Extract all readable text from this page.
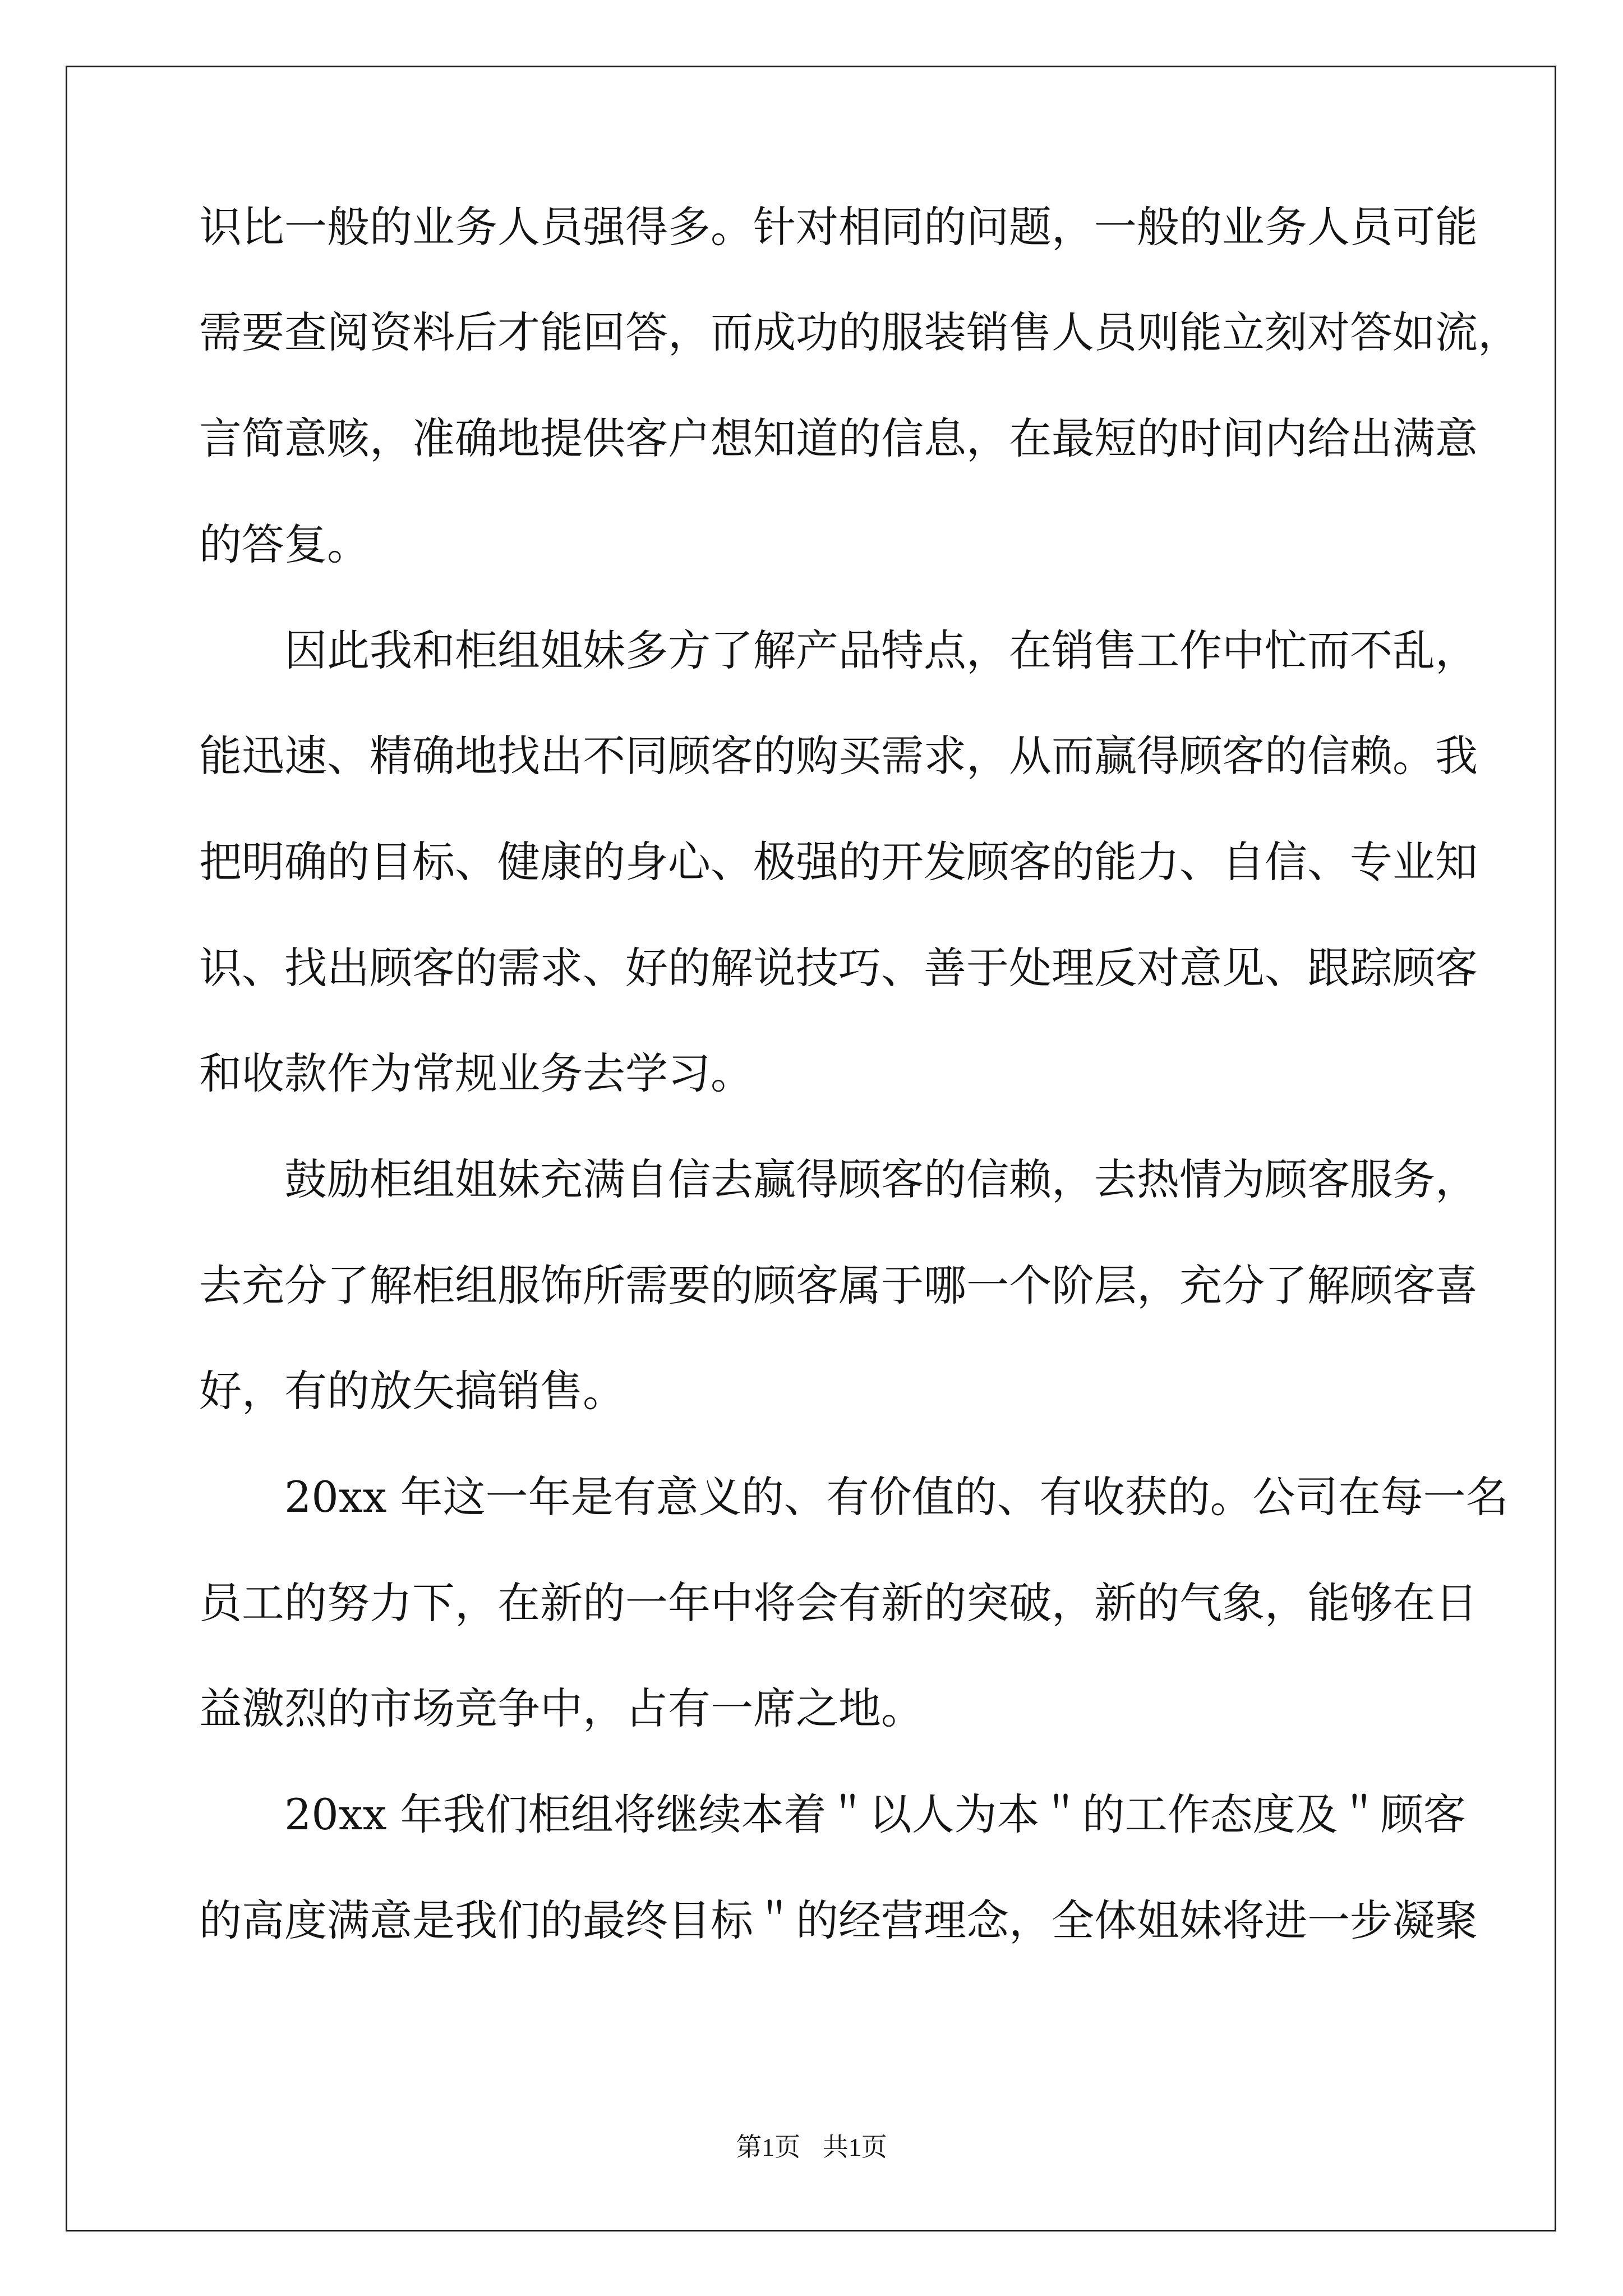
识比一般的业务人员强得多。针对相同的问题，一般的业务人员可能
需要查阅资料后才能回答，而成功的服装销售人员则能立刻对答如流，
言简意赅，准确地提供客户想知道的信息，在最短的时间内给出满意
的答复。
因此我和柜组姐妹多方了解产品特点，在销售工作中忙而不乱，
能迅速、精确地找出不同顾客的购买需求，从而赢得顾客的信赖。我
把明确的目标、健康的身心、极强的开发顾客的能力、自信、专业知
识、找出顾客的需求、好的解说技巧、善于处理反对意见、跟踪顾客
和收款作为常规业务去学习。
鼓励柜组姐妹充满自信去赢得顾客的信赖，去热情为顾客服务，
去充分了解柜组服饰所需要的顾客属于哪一个阶层，充分了解顾客喜
好，有的放矢搞销售。
20xx 年这一年是有意义的、有价值的、有收获的。公司在每一名
员工的努力下，在新的一年中将会有新的突破，新的气象，能够在日
益激烈的市场竞争中，占有一席之地。
20xx 年我们柜组将继续本着＂以人为本＂的工作态度及＂顾客
的高度满意是我们的最终目标＂的经营理念，全体姐妹将进一步凝聚
第1页 共1页
